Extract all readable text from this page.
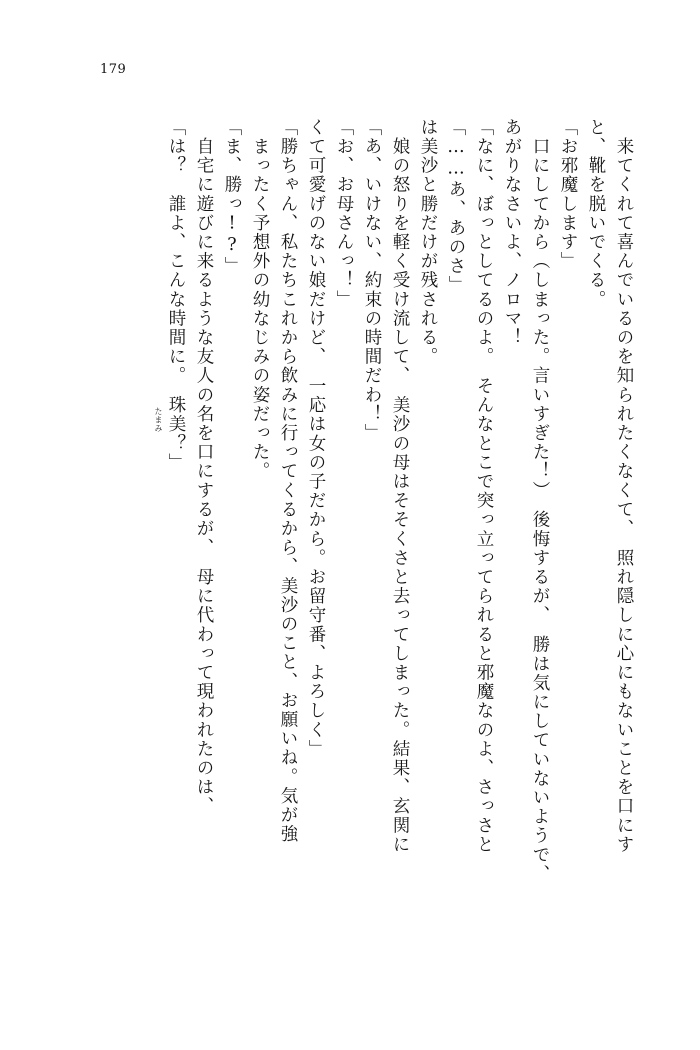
179
「は？　誰よ、こんな時間に。　珠美？」
たまみ	　自宅に遊びに来るような友人の名を口にするが、　母に代わって現われたのは、 「ま、勝っ!?」 　まったく予想外の幼なじみの姿だった。 「勝ちゃん、私たちこれから飲みに行ってくるから、美沙のこと、お願いね。気が強 くて可愛げのない娘だけど、　一応は女の子だから。お留守番、よろしく」 「お、お母さんっ！」 「あ、いけない、約束の時間だわ！」 　娘の怒りを軽く受け流して、　美沙の母はそそくさと去ってしまった。結果、玄関に は美沙と勝だけが残される。 「……あ、あのさ」 「なに、ぼっとしてるのよ。　そんなとこで突っ立ってられると邪魔なのよ、さっさと あがりなさいよ、ノロマ！ 　口にしてから（しまった。言いすぎた！）　後悔するが、　勝は気にしていないようで、 「お邪魔します」 と、靴を脱いでくる。 　来てくれて喜んでいるのを知られたくなくて、　照れ隠しに心にもないことを口にす
